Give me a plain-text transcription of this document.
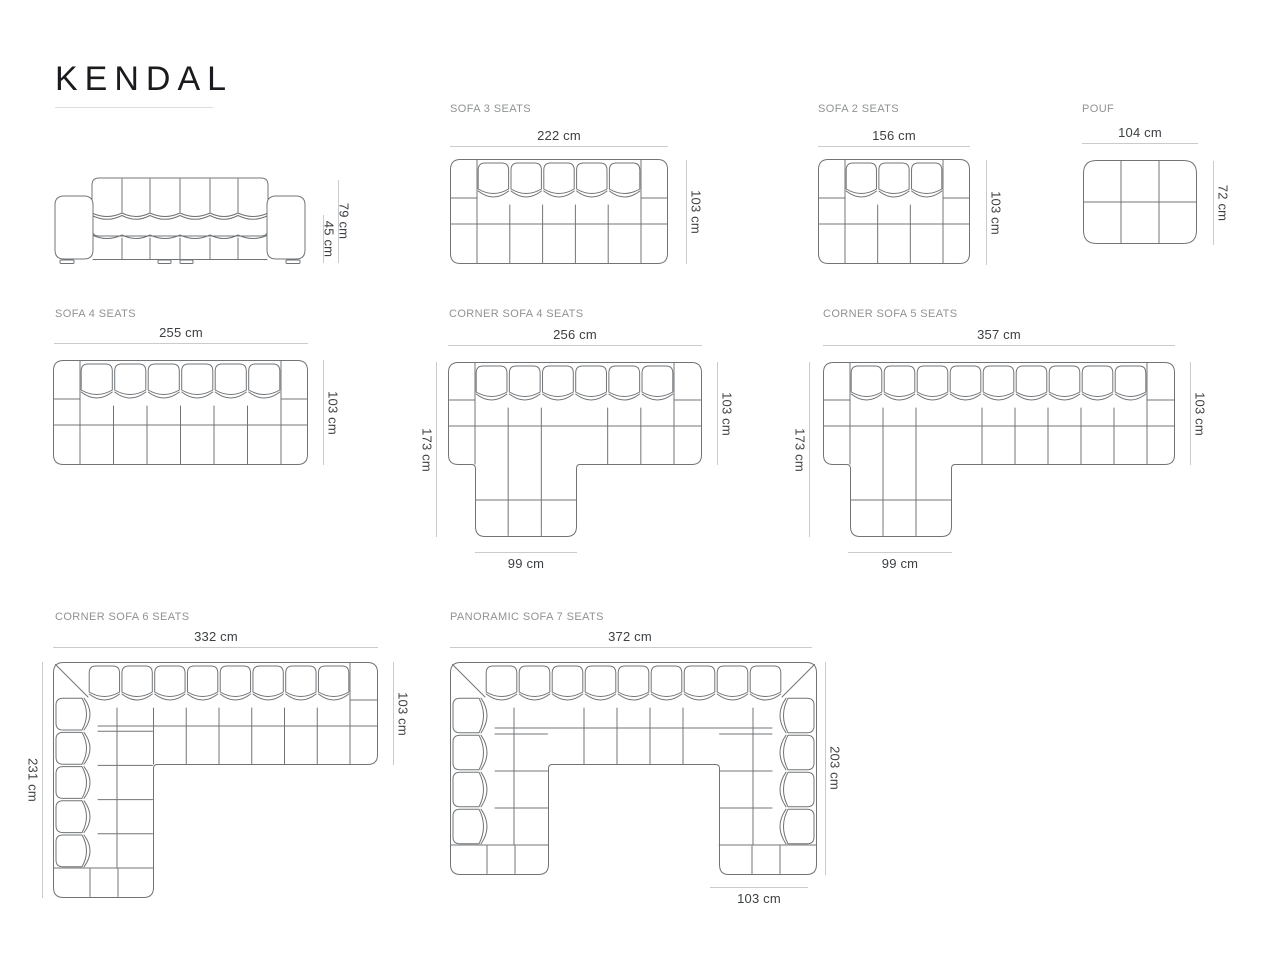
KENDAL
79 cm
45 cm
SOFA 3 SEATS
222 cm
103 cm
SOFA 2 SEATS
156 cm
103 cm
POUF
104 cm
72 cm
SOFA 4 SEATS
255 cm
103 cm
CORNER SOFA 4 SEATS
256 cm
173 cm
103 cm
99 cm
CORNER SOFA 5 SEATS
357 cm
173 cm
103 cm
99 cm
CORNER SOFA 6 SEATS
332 cm
231 cm
103 cm
PANORAMIC SOFA 7 SEATS
372 cm
203 cm
103 cm
